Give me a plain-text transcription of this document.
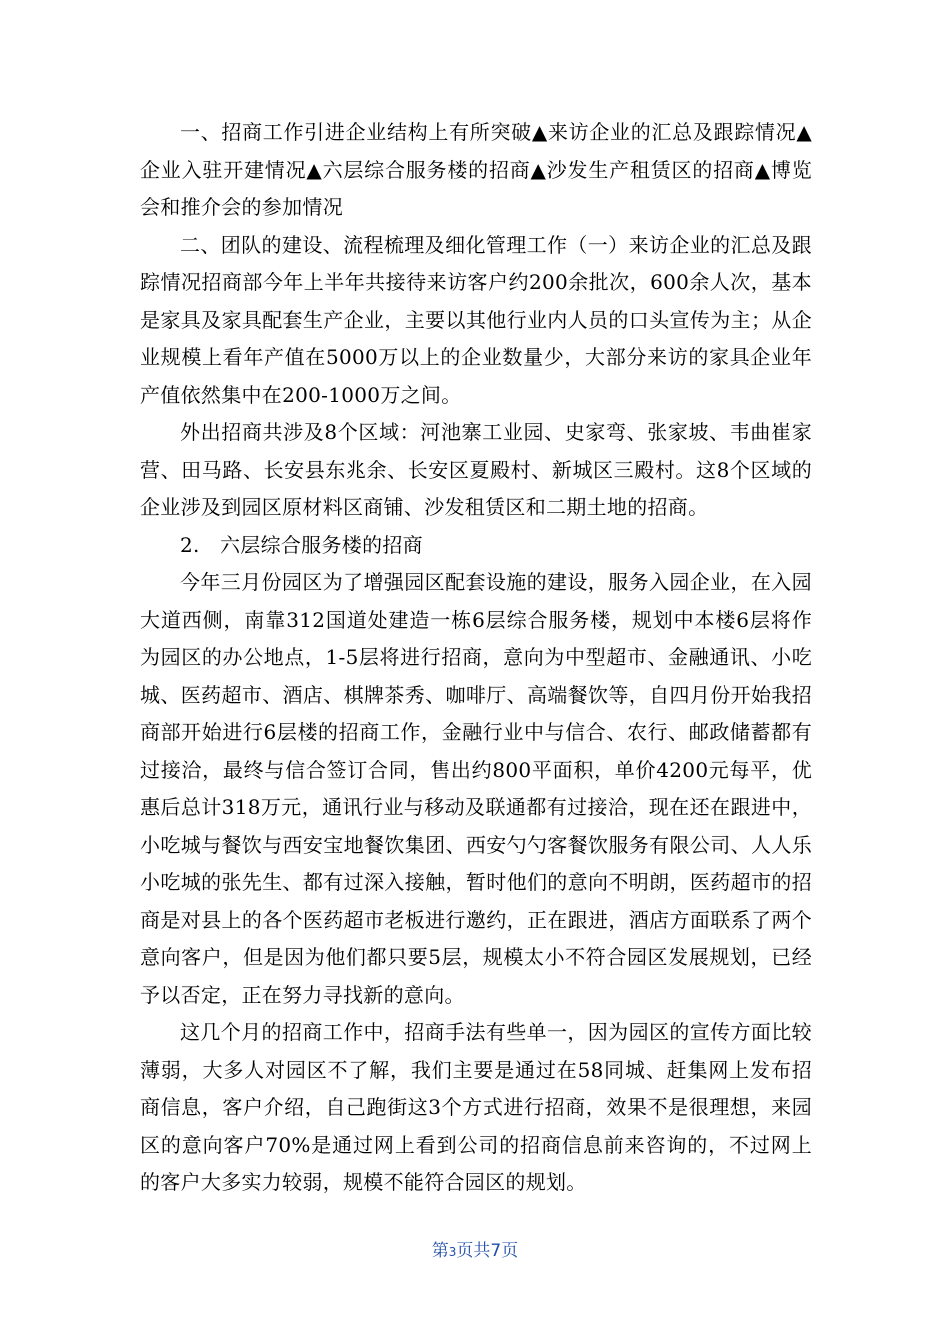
一、招商工作引进企业结构上有所突破▲来访企业的汇总及跟踪情况▲企业入驻开建情况▲六层综合服务楼的招商▲沙发生产租赁区的招商▲博览会和推介会的参加情况

二、团队的建设、流程梳理及细化管理工作（一）来访企业的汇总及跟踪情况招商部今年上半年共接待来访客户约200余批次，600余人次，基本是家具及家具配套生产企业，主要以其他行业内人员的口头宣传为主；从企业规模上看年产值在5000万以上的企业数量少，大部分来访的家具企业年产值依然集中在200-1000万之间。

外出招商共涉及8个区域：河池寨工业园、史家弯、张家坡、韦曲崔家营、田马路、长安县东兆余、长安区夏殿村、新城区三殿村。这8个区域的企业涉及到园区原材料区商铺、沙发租赁区和二期土地的招商。

2.　六层综合服务楼的招商

今年三月份园区为了增强园区配套设施的建设，服务入园企业，在入园大道西侧，南靠312国道处建造一栋6层综合服务楼，规划中本楼6层将作为园区的办公地点，1-5层将进行招商，意向为中型超市、金融通讯、小吃城、医药超市、酒店、棋牌茶秀、咖啡厅、高端餐饮等，自四月份开始我招商部开始进行6层楼的招商工作，金融行业中与信合、农行、邮政储蓄都有过接洽，最终与信合签订合同，售出约800平面积，单价4200元每平，优惠后总计318万元，通讯行业与移动及联通都有过接洽，现在还在跟进中，小吃城与餐饮与西安宝地餐饮集团、西安勺勺客餐饮服务有限公司、人人乐小吃城的张先生、都有过深入接触，暂时他们的意向不明朗，医药超市的招商是对县上的各个医药超市老板进行邀约，正在跟进，酒店方面联系了两个意向客户，但是因为他们都只要5层，规模太小不符合园区发展规划，已经予以否定，正在努力寻找新的意向。

这几个月的招商工作中，招商手法有些单一，因为园区的宣传方面比较薄弱，大多人对园区不了解，我们主要是通过在58同城、赶集网上发布招商信息，客户介绍，自己跑街这3个方式进行招商，效果不是很理想，来园区的意向客户70%是通过网上看到公司的招商信息前来咨询的，不过网上的客户大多实力较弱，规模不能符合园区的规划。

第3页共7页
